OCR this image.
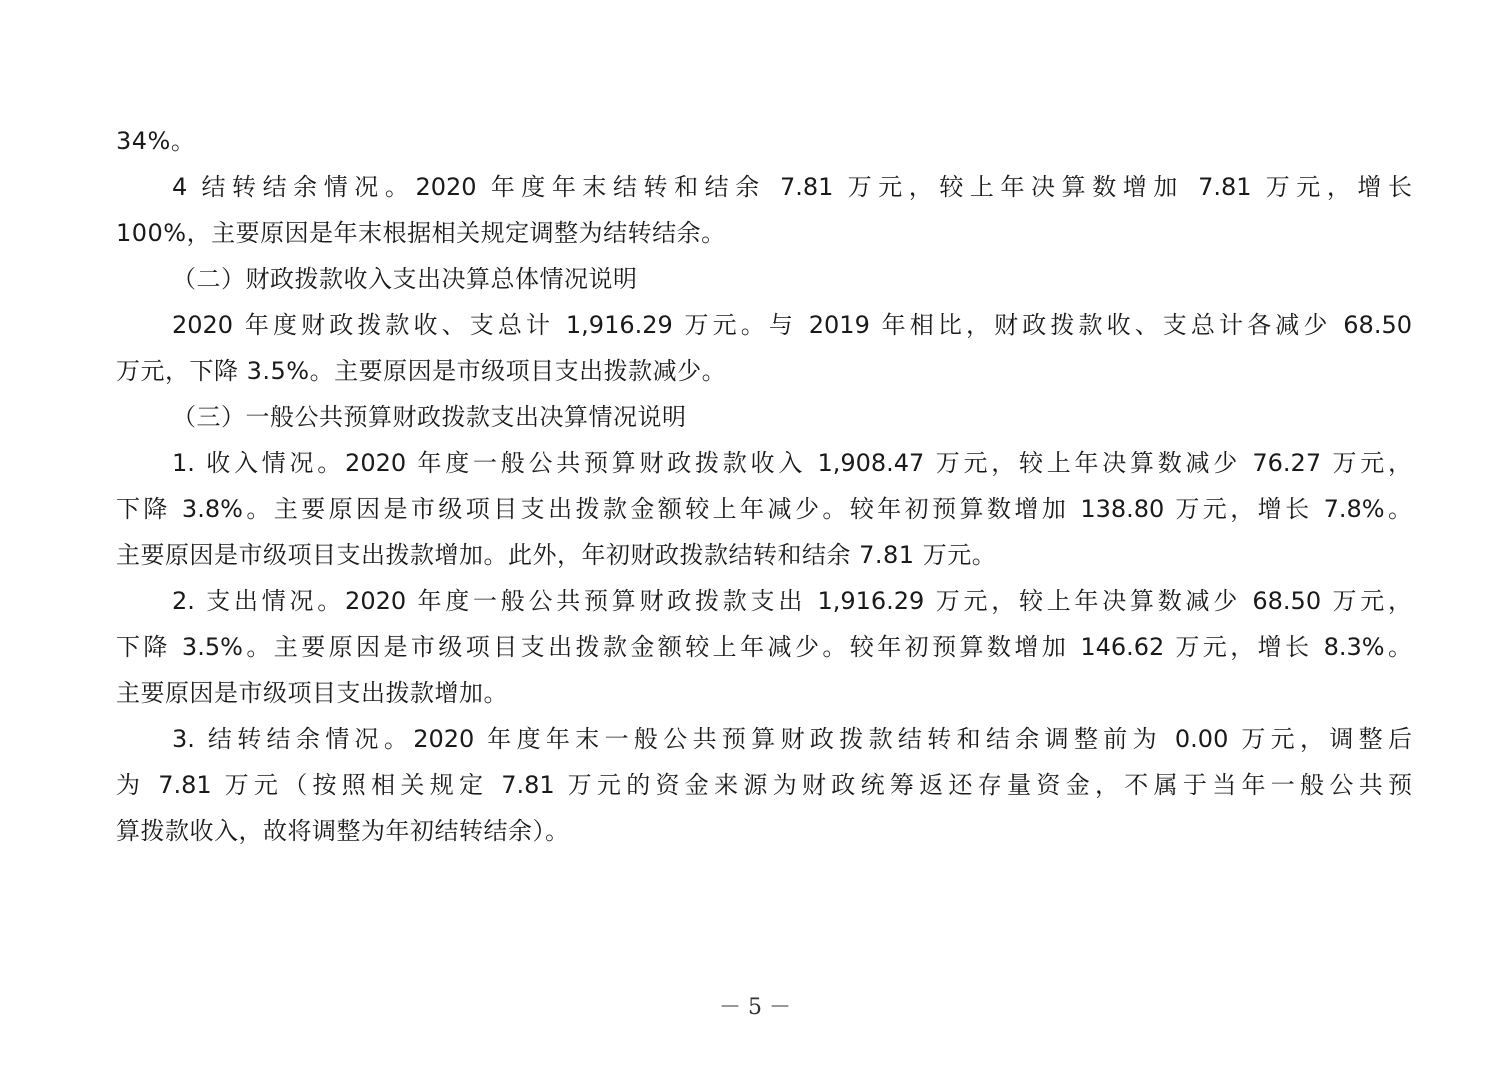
34%。
4 结转结余情况。2020 年度年末结转和结余 7.81 万元，较上年决算数增加 7.81 万元，增长
100%，主要原因是年末根据相关规定调整为结转结余。
（二）财政拨款收入支出决算总体情况说明
2020 年度财政拨款收、支总计 1,916.29 万元。与 2019 年相比，财政拨款收、支总计各减少 68.50
万元，下降 3.5%。主要原因是市级项目支出拨款减少。
（三）一般公共预算财政拨款支出决算情况说明
1. 收入情况。2020 年度一般公共预算财政拨款收入 1,908.47 万元，较上年决算数减少 76.27 万元，
下降 3.8%。主要原因是市级项目支出拨款金额较上年减少。较年初预算数增加 138.80 万元，增长 7.8%。
主要原因是市级项目支出拨款增加。此外，年初财政拨款结转和结余 7.81 万元。
2. 支出情况。2020 年度一般公共预算财政拨款支出 1,916.29 万元，较上年决算数减少 68.50 万元，
下降 3.5%。主要原因是市级项目支出拨款金额较上年减少。较年初预算数增加 146.62 万元，增长 8.3%。
主要原因是市级项目支出拨款增加。
3. 结转结余情况。2020 年度年末一般公共预算财政拨款结转和结余调整前为 0.00 万元，调整后
为 7.81 万元（按照相关规定 7.81 万元的资金来源为财政统筹返还存量资金，不属于当年一般公共预
算拨款收入，故将调整为年初结转结余）。
－ 5 －
